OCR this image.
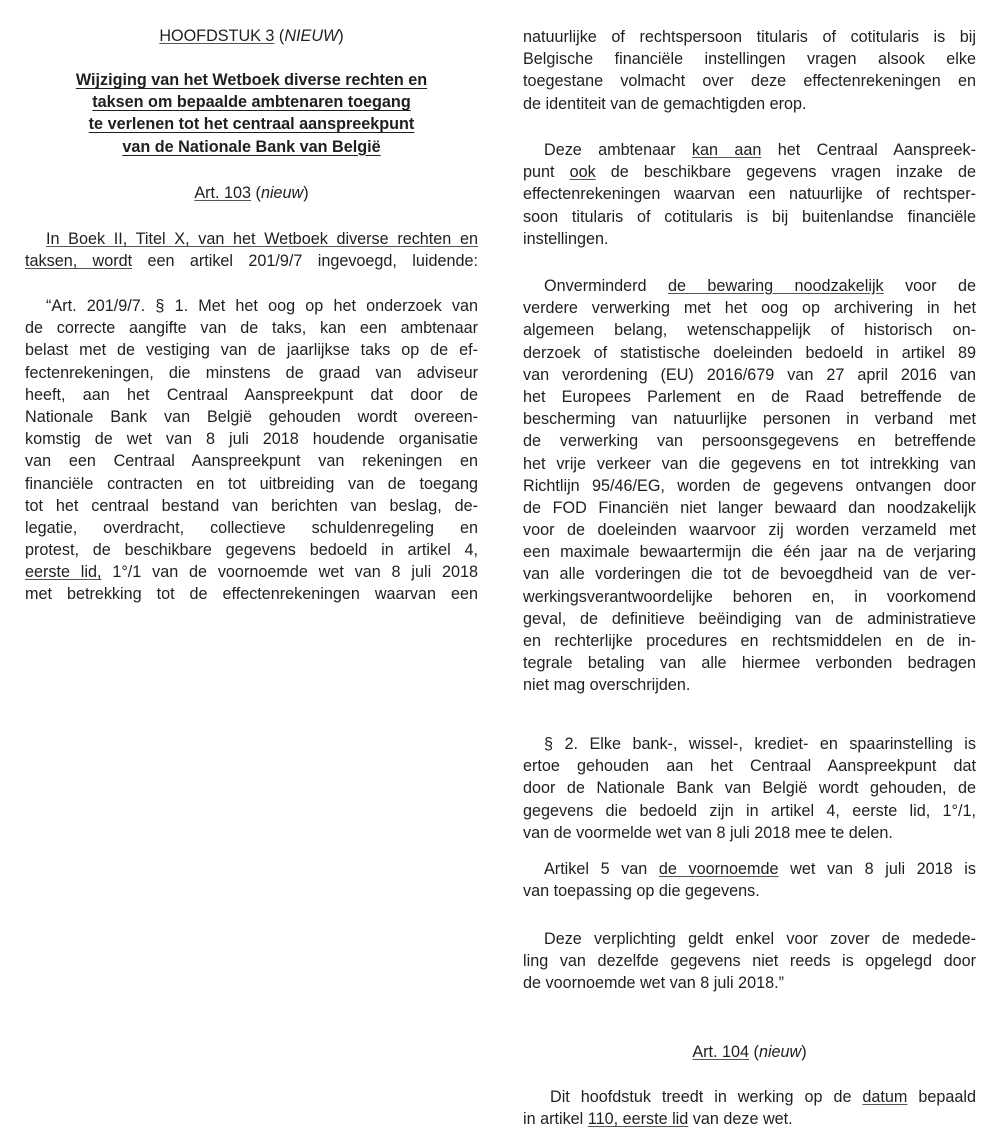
HOOFDSTUK 3 (NIEUW)
Wijziging van het Wetboek diverse rechten en
taksen om bepaalde ambtenaren toegang
te verlenen tot het centraal aanspreekpunt
van de Nationale Bank van België
Art. 103 (nieuw)
In Boek II, Titel X, van het Wetboek diverse rechten en
taksen, wordt een artikel 201/9/7 ingevoegd, luidende:
“Art. 201/9/7. § 1. Met het oog op het onderzoek van
de correcte aangifte van de taks, kan een ambtenaar
belast met de vestiging van de jaarlijkse taks op de ef-
fectenrekeningen, die minstens de graad van adviseur
heeft, aan het Centraal Aanspreekpunt dat door de
Nationale Bank van België gehouden wordt overeen-
komstig de wet van 8 juli 2018 houdende organisatie
van een Centraal Aanspreekpunt van rekeningen en
financiële contracten en tot uitbreiding van de toegang
tot het centraal bestand van berichten van beslag, de-
legatie, overdracht, collectieve schuldenregeling en
protest, de beschikbare gegevens bedoeld in artikel 4,
eerste lid, 1°/1 van de voornoemde wet van 8 juli 2018
met betrekking tot de effectenrekeningen waarvan een
natuurlijke of rechtspersoon titularis of cotitularis is bij
Belgische financiële instellingen vragen alsook elke
toegestane volmacht over deze effectenrekeningen en
de identiteit van de gemachtigden erop.
Deze ambtenaar kan aan het Centraal Aanspreek-
punt ook de beschikbare gegevens vragen inzake de
effectenrekeningen waarvan een natuurlijke of rechtsper-
soon titularis of cotitularis is bij buitenlandse financiële
instellingen.
Onverminderd de bewaring noodzakelijk voor de
verdere verwerking met het oog op archivering in het
algemeen belang, wetenschappelijk of historisch on-
derzoek of statistische doeleinden bedoeld in artikel 89
van verordening (EU) 2016/679 van 27 april 2016 van
het Europees Parlement en de Raad betreffende de
bescherming van natuurlijke personen in verband met
de verwerking van persoonsgegevens en betreffende
het vrije verkeer van die gegevens en tot intrekking van
Richtlijn 95/46/EG, worden de gegevens ontvangen door
de FOD Financiën niet langer bewaard dan noodzakelijk
voor de doeleinden waarvoor zij worden verzameld met
een maximale bewaartermijn die één jaar na de verjaring
van alle vorderingen die tot de bevoegdheid van de ver-
werkingsverantwoordelijke behoren en, in voorkomend
geval, de definitieve beëindiging van de administratieve
en rechterlijke procedures en rechtsmiddelen en de in-
tegrale betaling van alle hiermee verbonden bedragen
niet mag overschrijden.
§ 2. Elke bank-, wissel-, krediet- en spaarinstelling is
ertoe gehouden aan het Centraal Aanspreekpunt dat
door de Nationale Bank van België wordt gehouden, de
gegevens die bedoeld zijn in artikel 4, eerste lid, 1°/1,
van de voormelde wet van 8 juli 2018 mee te delen.
Artikel 5 van de voornoemde wet van 8 juli 2018 is
van toepassing op die gegevens.
Deze verplichting geldt enkel voor zover de medede-
ling van dezelfde gegevens niet reeds is opgelegd door
de voornoemde wet van 8 juli 2018.”
Art. 104 (nieuw)
Dit hoofdstuk treedt in werking op de datum bepaald
in artikel 110, eerste lid van deze wet.
